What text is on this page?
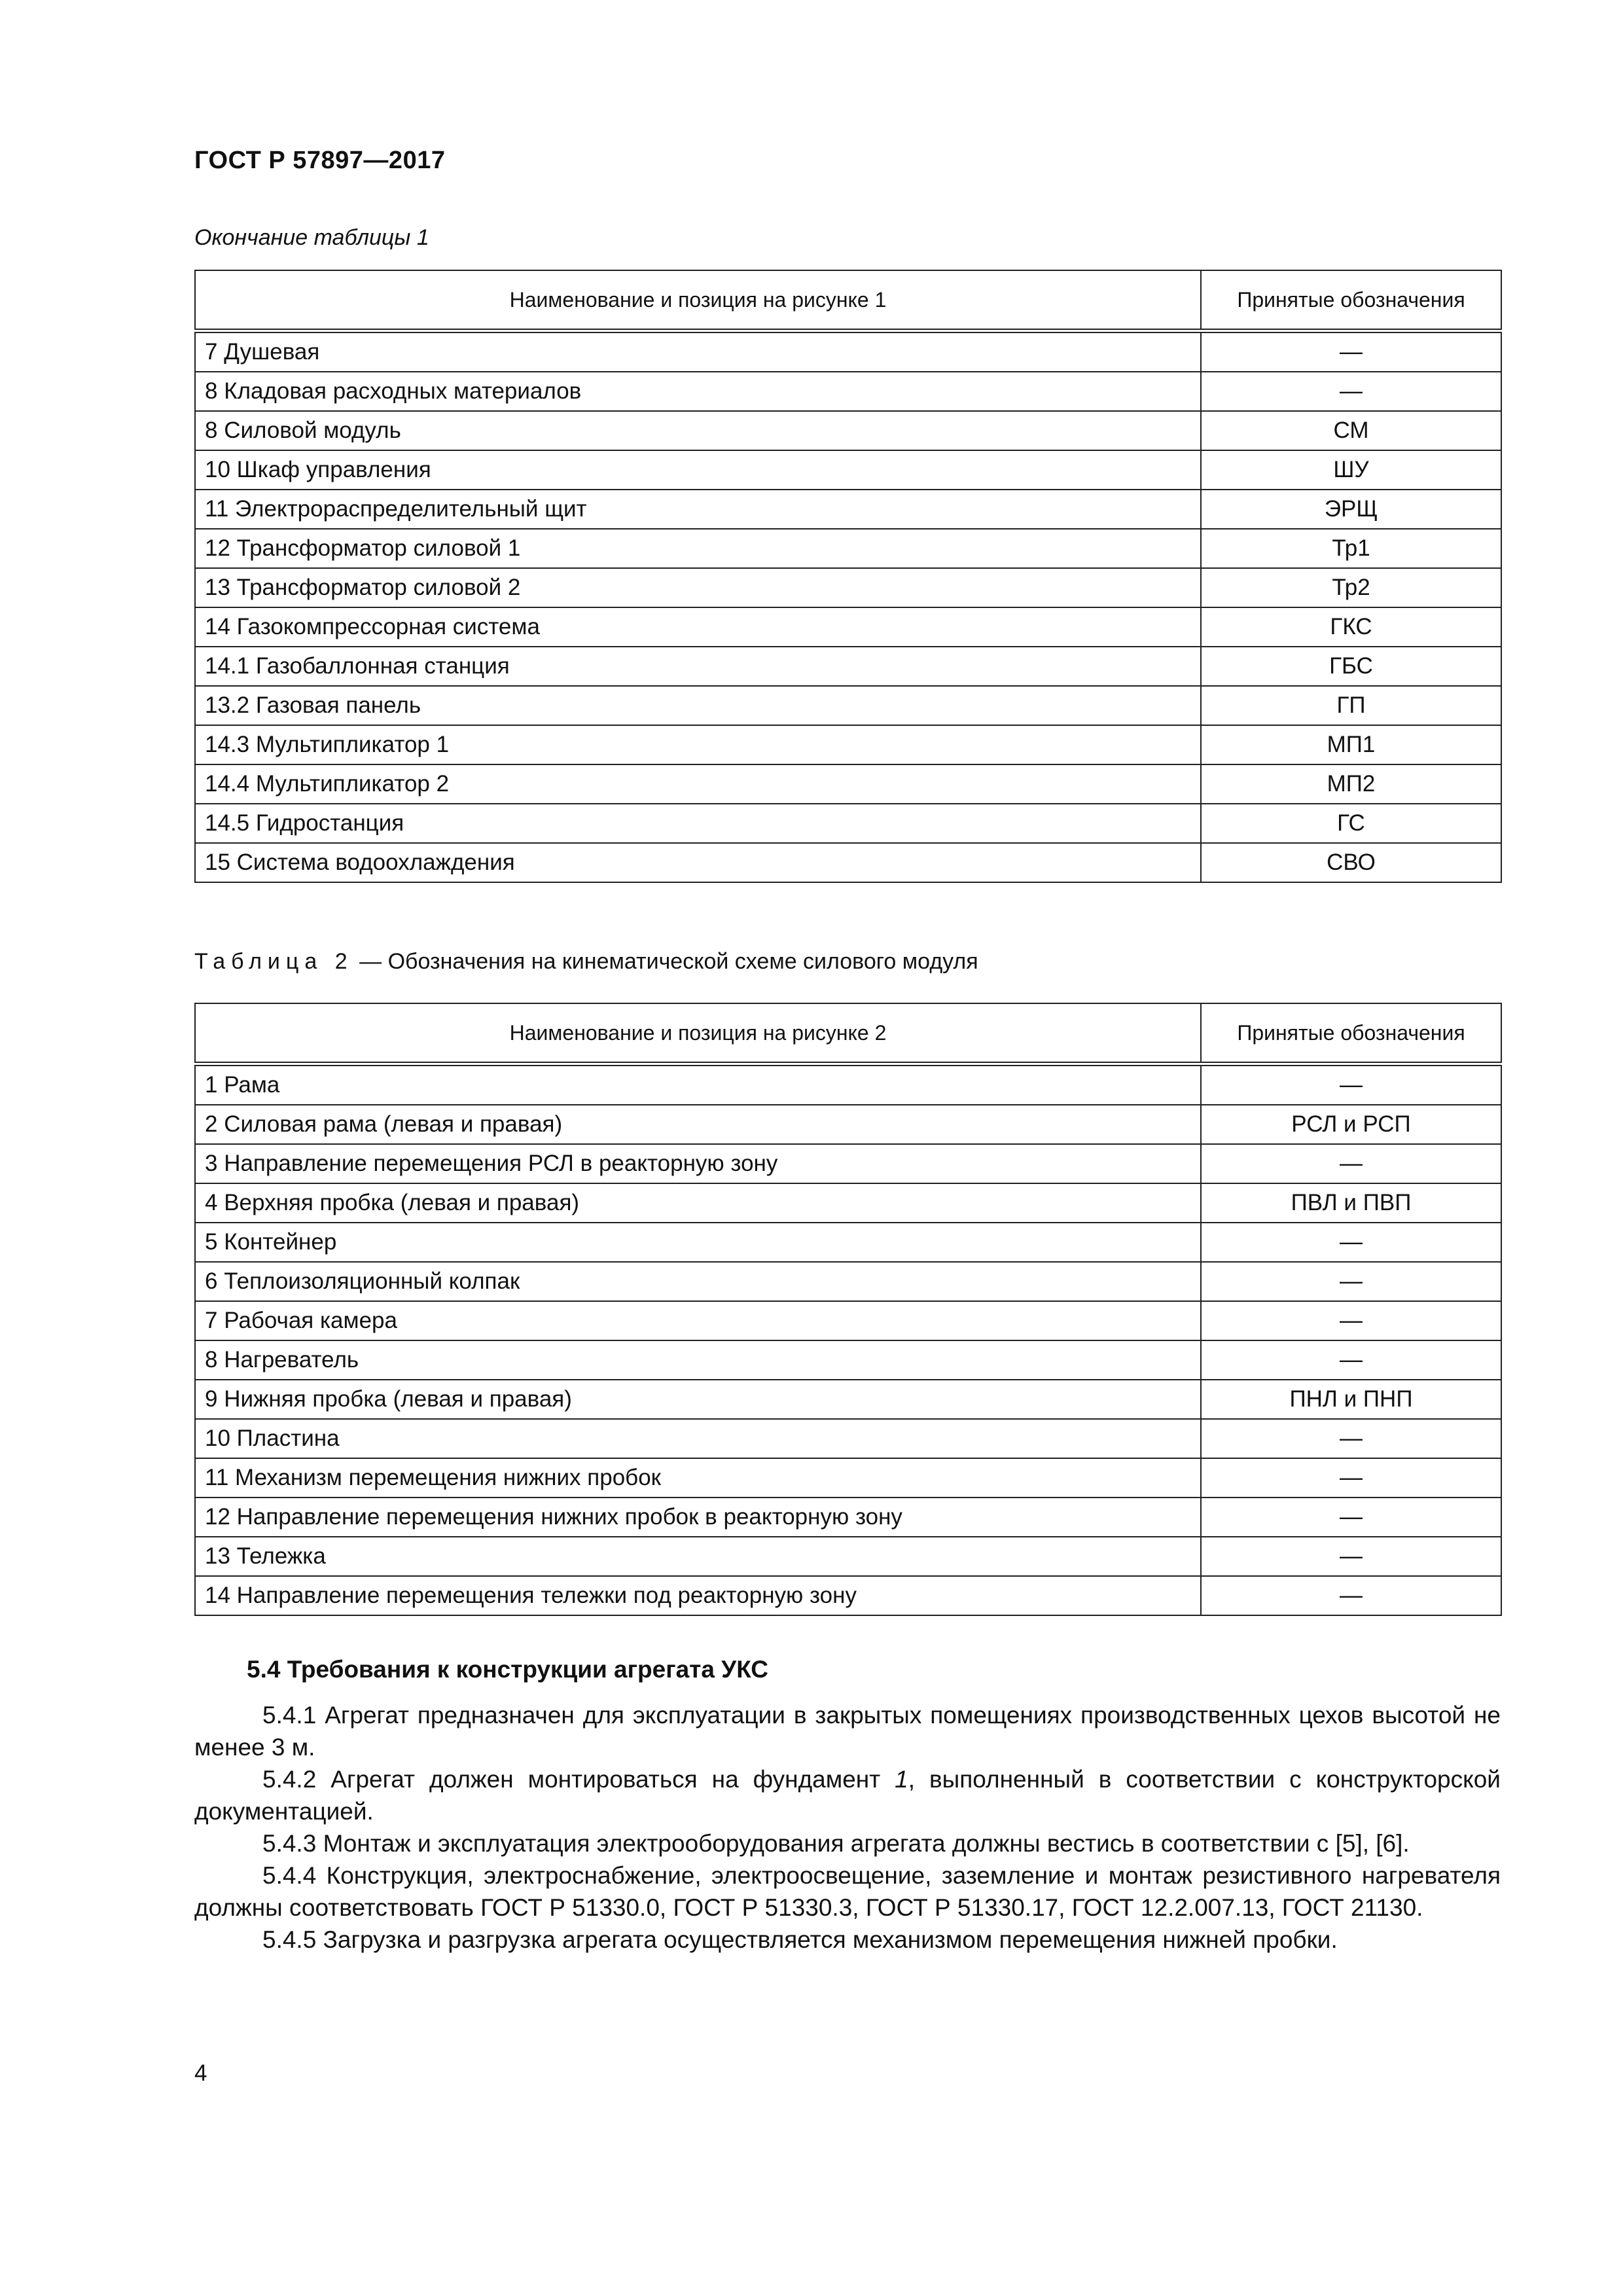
ГОСТ Р 57897—2017
Окончание таблицы 1
Наименование и позиция на рисунке 1	Принятые обозначения
7 Душевая	—
8 Кладовая расходных материалов	—
8 Силовой модуль	СМ
10 Шкаф управления	ШУ
11 Электрораспределительный щит	ЭРЩ
12 Трансформатор силовой 1	Тр1
13 Трансформатор силовой 2	Тр2
14 Газокомпрессорная система	ГКС
14.1 Газобаллонная станция	ГБС
13.2 Газовая панель	ГП
14.3 Мультипликатор 1	МП1
14.4 Мультипликатор 2	МП2
14.5 Гидростанция	ГС
15 Система водоохлаждения	СВО
Таблица 2 — Обозначения на кинематической схеме силового модуля
Наименование и позиция на рисунке 2	Принятые обозначения
1 Рама	—
2 Силовая рама (левая и правая)	РСЛ и РСП
3 Направление перемещения РСЛ в реакторную зону	—
4 Верхняя пробка (левая и правая)	ПВЛ и ПВП
5 Контейнер	—
6 Теплоизоляционный колпак	—
7 Рабочая камера	—
8 Нагреватель	—
9 Нижняя пробка (левая и правая)	ПНЛ и ПНП
10 Пластина	—
11 Механизм перемещения нижних пробок	—
12 Направление перемещения нижних пробок в реакторную зону	—
13 Тележка	—
14 Направление перемещения тележки под реакторную зону	—
5.4 Требования к конструкции агрегата УКС

5.4.1 Агрегат предназначен для эксплуатации в закрытых помещениях производственных цехов высотой не менее 3 м.

5.4.2 Агрегат должен монтироваться на фундамент 1, выполненный в соответствии с конструкторской документацией.

5.4.3 Монтаж и эксплуатация электрооборудования агрегата должны вестись в соответствии с [5], [6].

5.4.4 Конструкция, электроснабжение, электроосвещение, заземление и монтаж резистивного нагревателя должны соответствовать ГОСТ Р 51330.0, ГОСТ Р 51330.3, ГОСТ Р 51330.17, ГОСТ 12.2.007.13, ГОСТ 21130.

5.4.5 Загрузка и разгрузка агрегата осуществляется механизмом перемещения нижней пробки.

4
